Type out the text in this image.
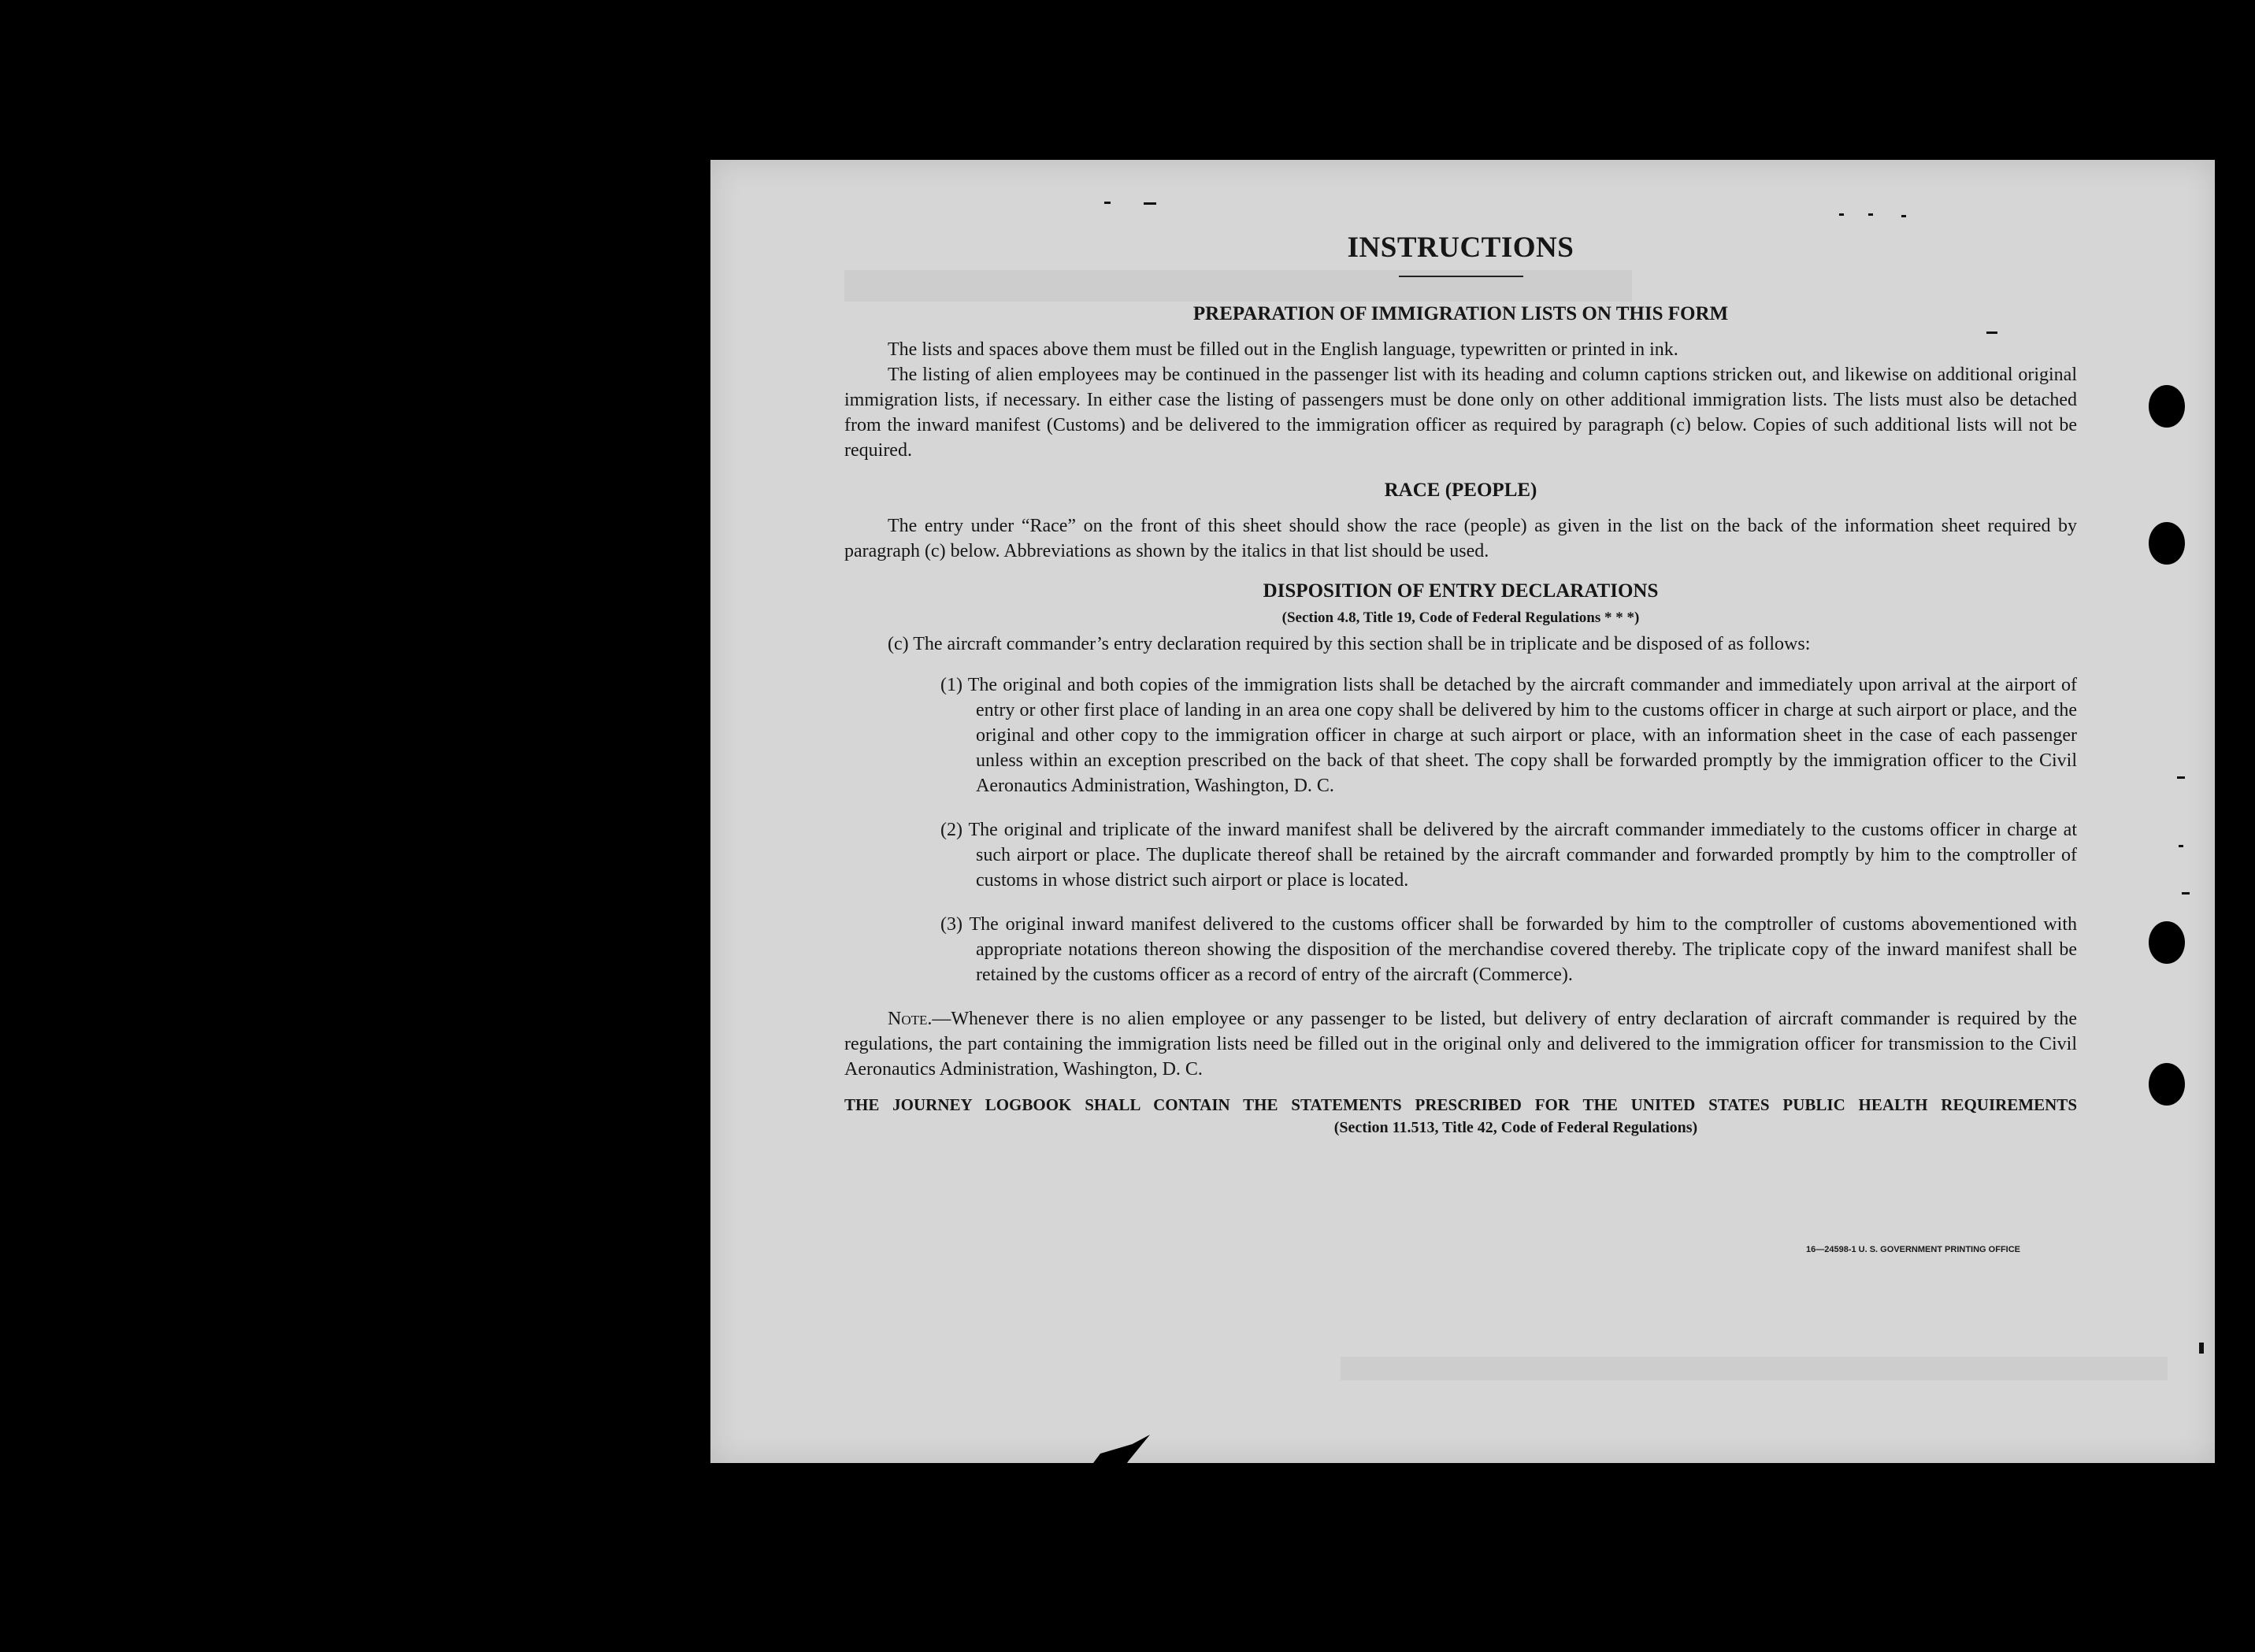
INSTRUCTIONS
PREPARATION OF IMMIGRATION LISTS ON THIS FORM

The lists and spaces above them must be filled out in the English language, typewritten or printed in ink.

The listing of alien employees may be continued in the passenger list with its heading and column captions stricken out, and likewise on additional original immigration lists, if necessary. In either case the listing of passengers must be done only on other additional immigration lists. The lists must also be detached from the inward manifest (Customs) and be delivered to the immigration officer as required by paragraph (c) below. Copies of such additional lists will not be required.

RACE (PEOPLE)

The entry under “Race” on the front of this sheet should show the race (people) as given in the list on the back of the information sheet required by paragraph (c) below. Abbreviations as shown by the italics in that list should be used.

DISPOSITION OF ENTRY DECLARATIONS
(Section 4.8, Title 19, Code of Federal Regulations * * *)

(c) The aircraft commander’s entry declaration required by this section shall be in triplicate and be disposed of as follows:

(1) The original and both copies of the immigration lists shall be detached by the aircraft commander and immediately upon arrival at the airport of entry or other first place of landing in an area one copy shall be delivered by him to the customs officer in charge at such airport or place, and the original and other copy to the immigration officer in charge at such airport or place, with an information sheet in the case of each passenger unless within an exception prescribed on the back of that sheet. The copy shall be forwarded promptly by the immigration officer to the Civil Aeronautics Administration, Washington, D. C.

(2) The original and triplicate of the inward manifest shall be delivered by the aircraft commander immediately to the customs officer in charge at such airport or place. The duplicate thereof shall be retained by the aircraft commander and forwarded promptly by him to the comptroller of customs in whose district such airport or place is located.

(3) The original inward manifest delivered to the customs officer shall be forwarded by him to the comptroller of customs abovementioned with appropriate notations thereon showing the disposition of the merchandise covered thereby. The triplicate copy of the inward manifest shall be retained by the customs officer as a record of entry of the aircraft (Commerce).

Note.—Whenever there is no alien employee or any passenger to be listed, but delivery of entry declaration of aircraft commander is required by the regulations, the part containing the immigration lists need be filled out in the original only and delivered to the immigration officer for transmission to the Civil Aeronautics Administration, Washington, D. C.

THE JOURNEY LOGBOOK SHALL CONTAIN THE STATEMENTS PRESCRIBED FOR THE UNITED STATES PUBLIC HEALTH REQUIREMENTS
(Section 11.513, Title 42, Code of Federal Regulations)
16—24598-1 U. S. GOVERNMENT PRINTING OFFICE
